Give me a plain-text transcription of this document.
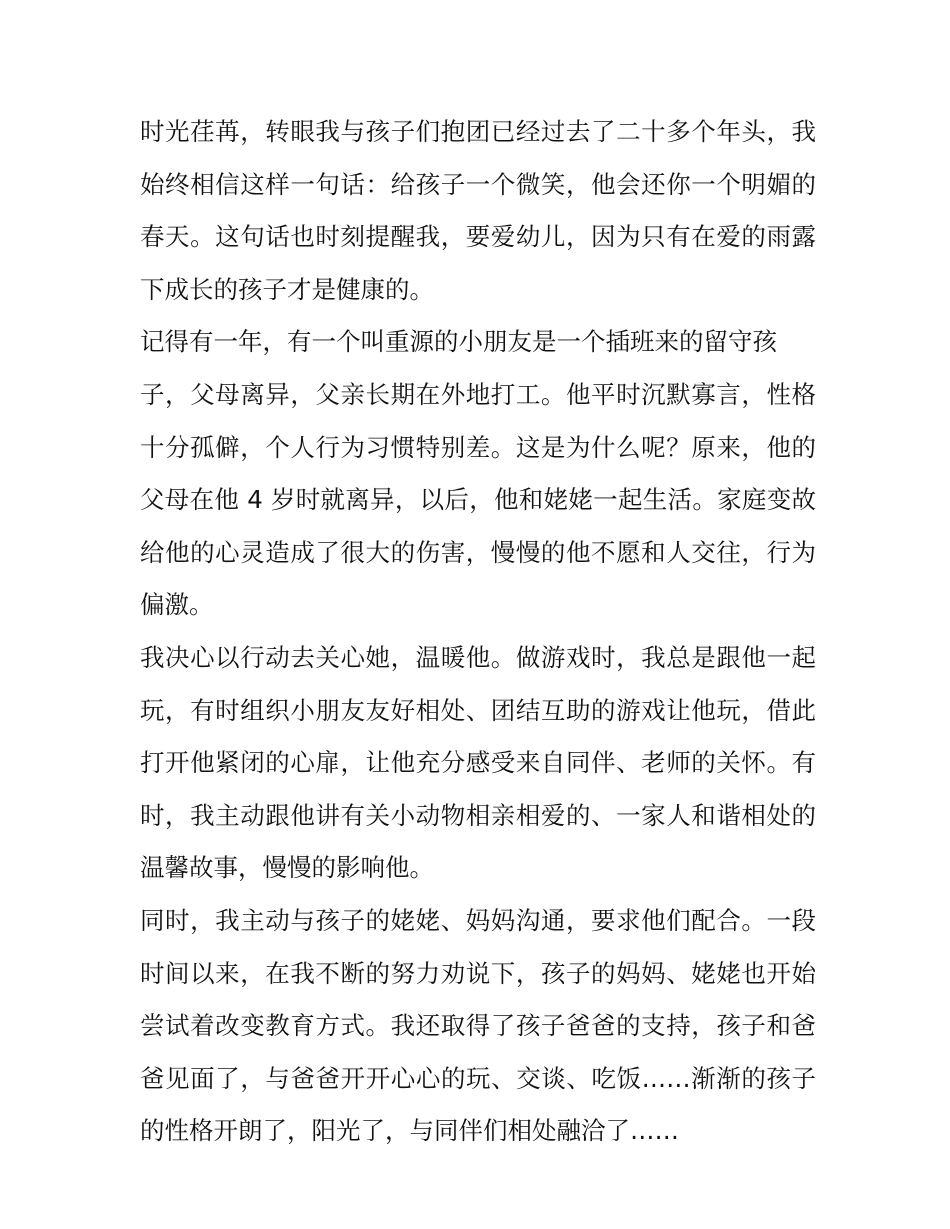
时光荏苒，转眼我与孩子们抱团已经过去了二十多个年头，我
始终相信这样一句话：给孩子一个微笑，他会还你一个明媚的
春天。这句话也时刻提醒我，要爱幼儿，因为只有在爱的雨露
下成长的孩子才是健康的。
记得有一年，有一个叫重源的小朋友是一个插班来的留守孩
子，父母离异，父亲长期在外地打工。他平时沉默寡言，性格
十分孤僻，个人行为习惯特别差。这是为什么呢？原来，他的
父母在他 4 岁时就离异，以后，他和姥姥一起生活。家庭变故
给他的心灵造成了很大的伤害，慢慢的他不愿和人交往，行为
偏激。
我决心以行动去关心她，温暖他。做游戏时，我总是跟他一起
玩，有时组织小朋友友好相处、团结互助的游戏让他玩，借此
打开他紧闭的心扉，让他充分感受来自同伴、老师的关怀。有
时，我主动跟他讲有关小动物相亲相爱的、一家人和谐相处的
温馨故事，慢慢的影响他。
同时，我主动与孩子的姥姥、妈妈沟通，要求他们配合。一段
时间以来，在我不断的努力劝说下，孩子的妈妈、姥姥也开始
尝试着改变教育方式。我还取得了孩子爸爸的支持，孩子和爸
爸见面了，与爸爸开开心心的玩、交谈、吃饭……渐渐的孩子
的性格开朗了，阳光了，与同伴们相处融洽了……
